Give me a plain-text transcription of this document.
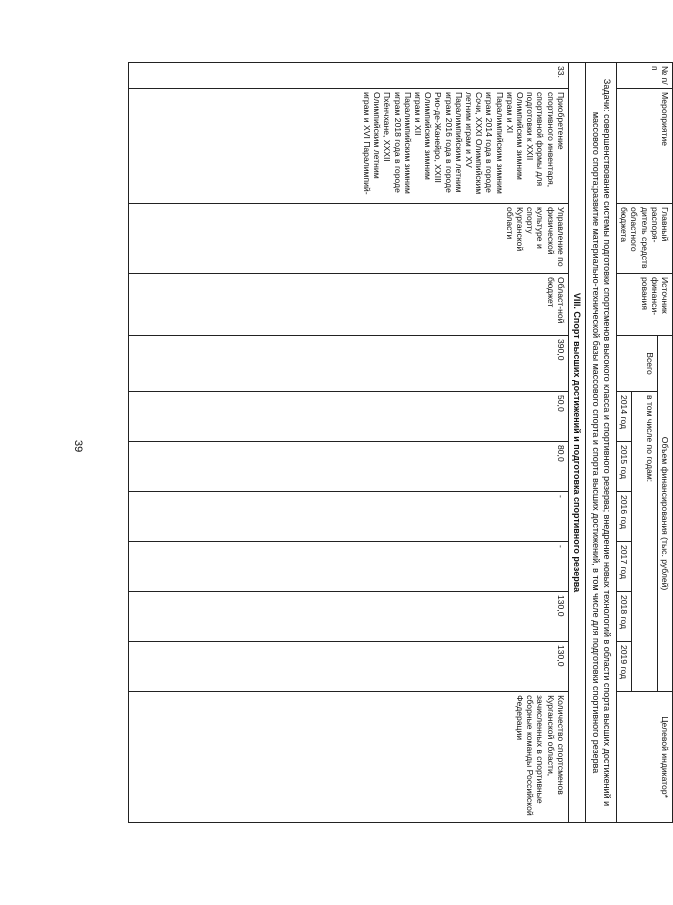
39
№ п/п	Мероприятие	Главный распоря-дитель средств областного бюджета	Источник финанси-рования	Объем финансирования (тыс. рублей)							Целевой индикатор*
				Всего	в том числе по годам:						
					2014 год	2015 год	2016 год	2017 год	2018 год	2019 год	
Задачи: совершенствование системы подготовки спортсменов высокого класса и спортивного резерва; внедрение новых технологий в области спорта высших достижений и массового спорта;развитие материально-технической базы массового спорта и спорта высших достижений, в том числе для подготовки спортивного резерва											
VIII. Спорт высших достижений и подготовка спортивного резерва											
33.	Приобретение спортивного инвентаря, спортивной формы для подготовки к XXII Олимпийским зимним играм и XI Паралимпийским зимним играм 2014 года в городе Сочи, XXXI Олимпийским летним играм и XV Паралимпийским летним играм 2016 года в городе Рио-де-Жанейро, XXIII Олимпийским зимним играм и XII Паралимпийским зимним играм 2018 года в городе Пхёнчхане, XXXII Олимпийским летним играм и XVI Паралимпий-	Управление по физической культуре и спорту Курганской области	Област-ной бюджет	390,0	50,0	80,0	-	-	130,0	130,0	Количество спортсменов Курганской области, зачисленных в спортивные сборные команды Российской Федерации
